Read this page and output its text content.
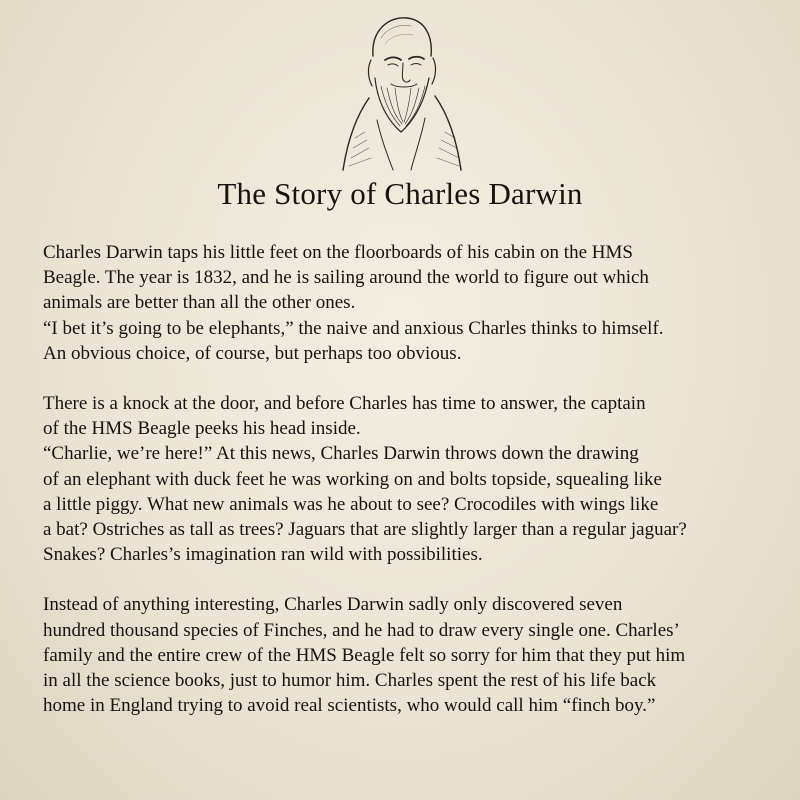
The Story of Charles Darwin

Charles Darwin taps his little feet on the floorboards of his cabin on the HMS
Beagle. The year is 1832, and he is sailing around the world to figure out which
animals are better than all the other ones.
“I bet it’s going to be elephants,” the naive and anxious Charles thinks to himself.
An obvious choice, of course, but perhaps too obvious.

There is a knock at the door, and before Charles has time to answer, the captain
of the HMS Beagle peeks his head inside.
“Charlie, we’re here!” At this news, Charles Darwin throws down the drawing
of an elephant with duck feet he was working on and bolts topside, squealing like
a little piggy. What new animals was he about to see? Crocodiles with wings like
a bat? Ostriches as tall as trees? Jaguars that are slightly larger than a regular jaguar?
Snakes? Charles’s imagination ran wild with possibilities.

Instead of anything interesting, Charles Darwin sadly only discovered seven
hundred thousand species of Finches, and he had to draw every single one. Charles’
family and the entire crew of the HMS Beagle felt so sorry for him that they put him
in all the science books, just to humor him. Charles spent the rest of his life back
home in England trying to avoid real scientists, who would call him “finch boy.”
